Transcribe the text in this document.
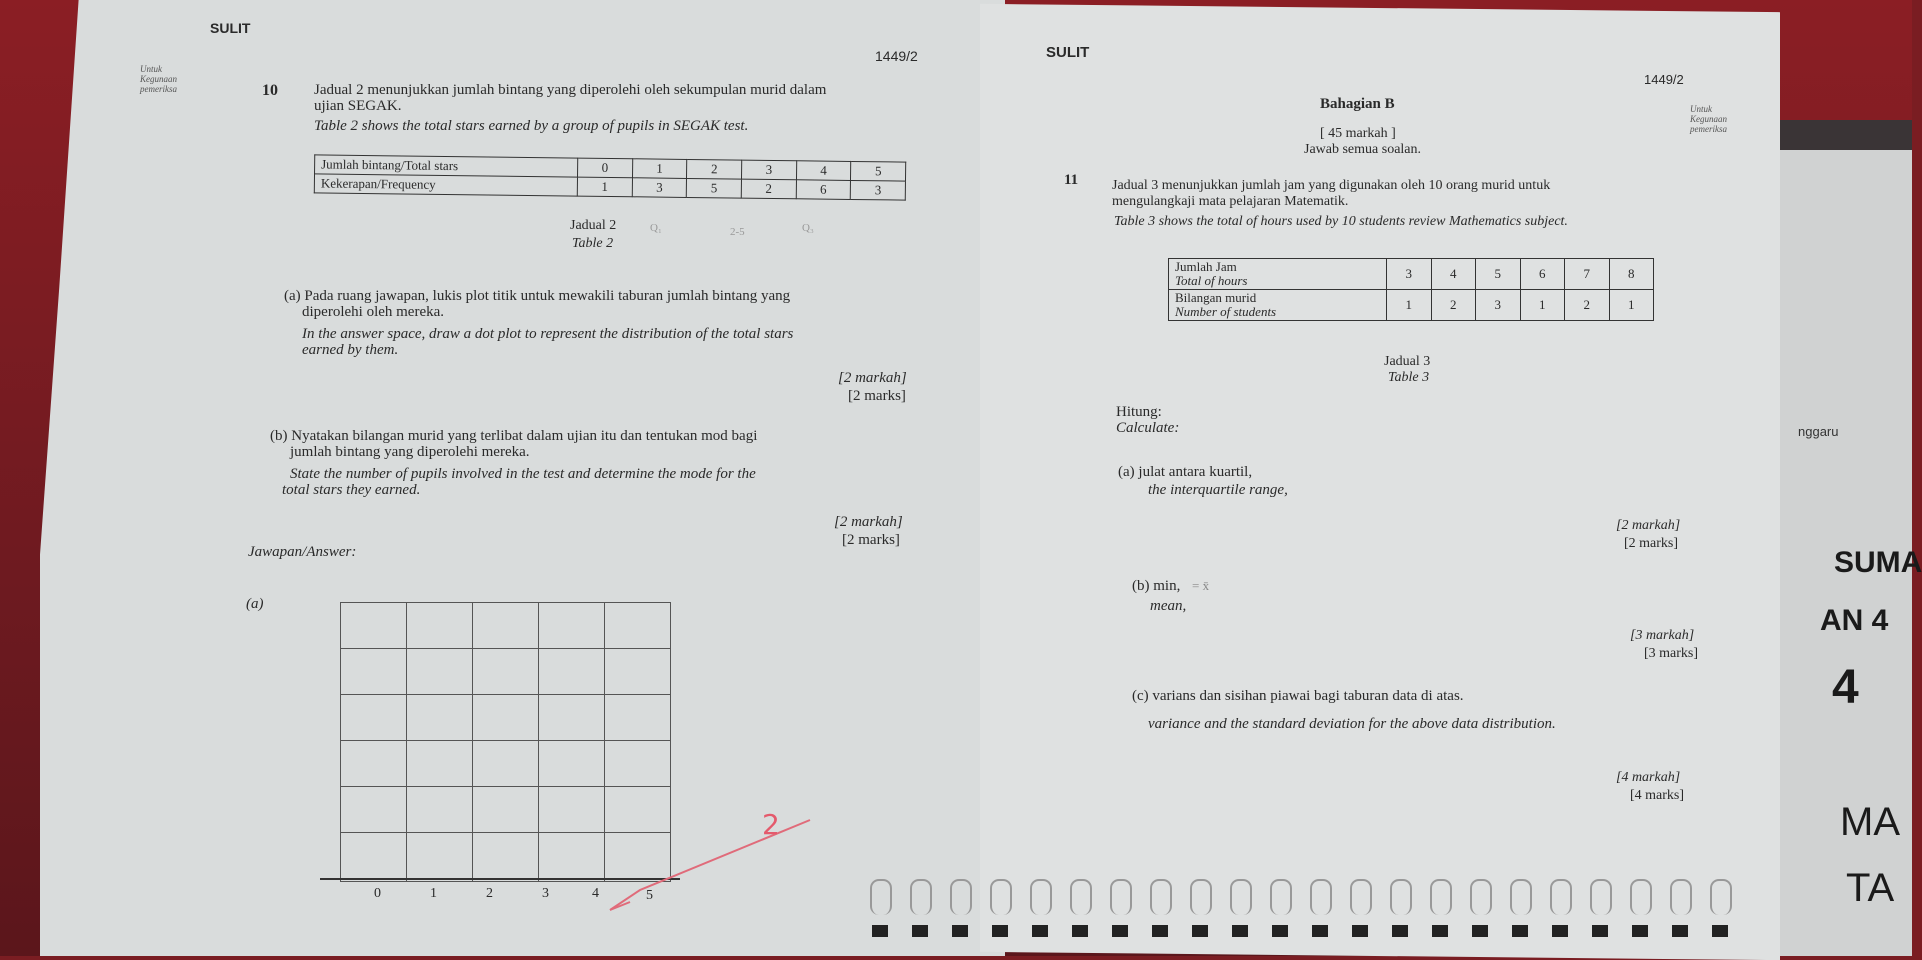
SULIT
1449/2
Untuk Kegunaan pemeriksa	10 Jadual 2 menunjukkan jumlah bintang yang diperolehi oleh sekumpulan murid dalam
ujian SEGAK.
Table 2 shows the total stars earned by a group of pupils in SEGAK test.
Jumlah bintang/Total stars	0	1	2	3	4	5
Kekerapan/Frequency	1	3	5	2	6	3
Jadual 2
Table 2
Q₁	2-5	Q₃
(a) Pada ruang jawapan, lukis plot titik untuk mewakili taburan jumlah bintang yang
diperolehi oleh mereka.
In the answer space, draw a dot plot to represent the distribution of the total stars
earned by them.
[2 markah]
[2 marks]
(b) Nyatakan bilangan murid yang terlibat dalam ujian itu dan tentukan mod bagi
jumlah bintang yang diperolehi mereka.
State the number of pupils involved in the test and determine the mode for the
total stars they earned.
[2 markah]
[2 marks]
Jawapan/Answer:
(a)
0	1	2	3	4	5
2
SULIT
1449/2
Bahagian B
[ 45 markah ]
Jawab semua soalan.
Untuk Kegunaan pemeriksa
11 Jadual 3 menunjukkan jumlah jam yang digunakan oleh 10 orang murid untuk
mengulangkaji mata pelajaran Matematik.
Table 3 shows the total of hours used by 10 students review Mathematics subject.
Jumlah Jam
Total of hours	3	4	5	6	7	8

Bilangan murid
Number of students	1	2	3	1	2	1
Jadual 3
Table 3
Hitung:
Calculate:
(a) julat antara kuartil,
the interquartile range,
[2 markah]
[2 marks]
(b) min, = x̄
mean,
[3 markah]
[3 marks]
(c) varians dan sisihan piawai bagi taburan data di atas.
variance and the standard deviation for the above data distribution.
[4 markah]
[4 marks]
nggaru
SUMA
AN 4
4
MA
TA
